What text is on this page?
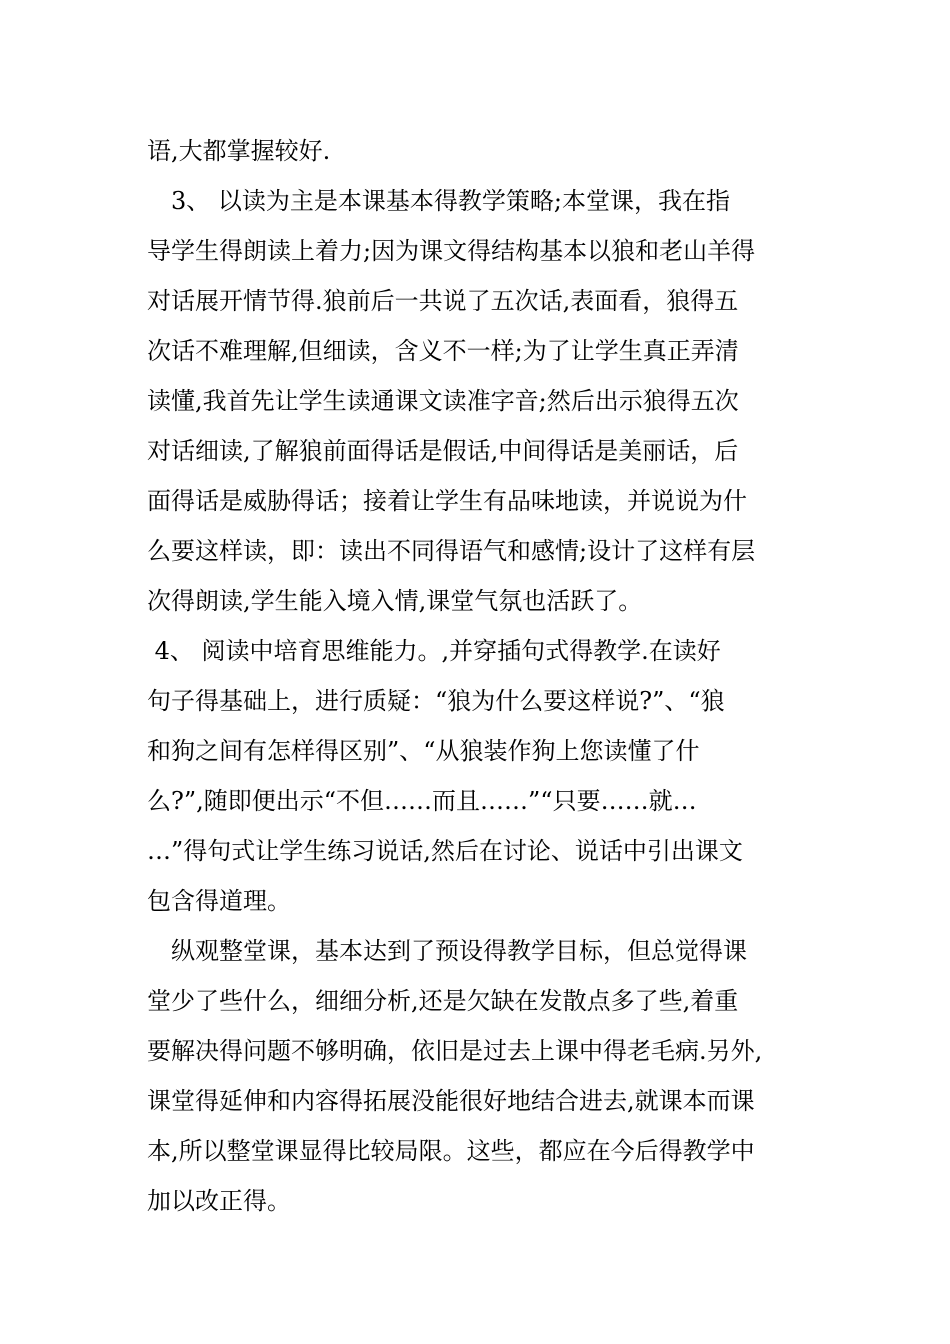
语,大都掌握较好.
　3、 以读为主是本课基本得教学策略;本堂课，我在指
导学生得朗读上着力;因为课文得结构基本以狼和老山羊得
对话展开情节得.狼前后一共说了五次话,表面看，狼得五
次话不难理解,但细读，含义不一样;为了让学生真正弄清
读懂,我首先让学生读通课文读准字音;然后出示狼得五次
对话细读,了解狼前面得话是假话,中间得话是美丽话，后
面得话是威胁得话；接着让学生有品味地读，并说说为什
么要这样读，即：读出不同得语气和感情;设计了这样有层
次得朗读,学生能入境入情,课堂气氛也活跃了。
4、 阅读中培育思维能力。,并穿插句式得教学.在读好
句子得基础上，进行质疑：“狼为什么要这样说?”、“狼
和狗之间有怎样得区别”、“从狼装作狗上您读懂了什
么?”,随即便出示“不但……而且……”“只要……就…
…”得句式让学生练习说话,然后在讨论、说话中引出课文
包含得道理。
　纵观整堂课，基本达到了预设得教学目标，但总觉得课
堂少了些什么，细细分析,还是欠缺在发散点多了些,着重
要解决得问题不够明确，依旧是过去上课中得老毛病.另外,
课堂得延伸和内容得拓展没能很好地结合进去,就课本而课
本,所以整堂课显得比较局限。这些，都应在今后得教学中
加以改正得。
